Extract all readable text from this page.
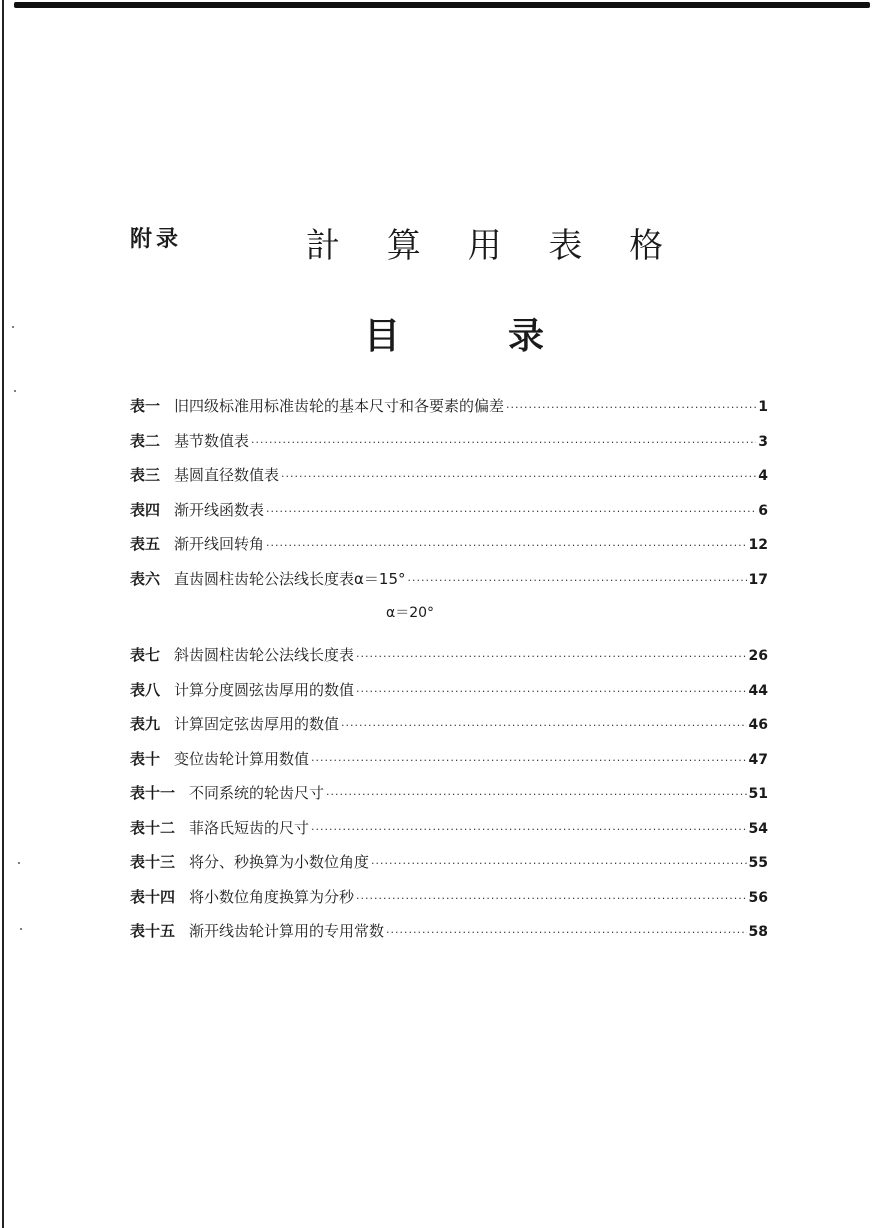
附录	計 算 用 表 格
目	录
表一 旧四级标准用标准齿轮的基本尺寸和各要素的偏差 ·····	1
表二 基节数值表 ·····	3
表三 基圆直径数值表 ·····	4
表四 渐开线函数表 ·····	6
表五 渐开线回转角 ·····	12
表六 直齿圆柱齿轮公法线长度表α＝15° ·····	17
α＝20°
表七 斜齿圆柱齿轮公法线长度表 ·····	26
表八 计算分度圆弦齿厚用的数值 ·····	44
表九 计算固定弦齿厚用的数值 ·····	46
表十 变位齿轮计算用数值 ·····	47
表十一 不同系统的轮齿尺寸 ·····	51
表十二 菲洛氏短齿的尺寸 ·····	54
表十三 将分、秒换算为小数位角度 ·····	55
表十四 将小数位角度换算为分秒 ·····	56
表十五 渐开线齿轮计算用的专用常数 ·····	58
